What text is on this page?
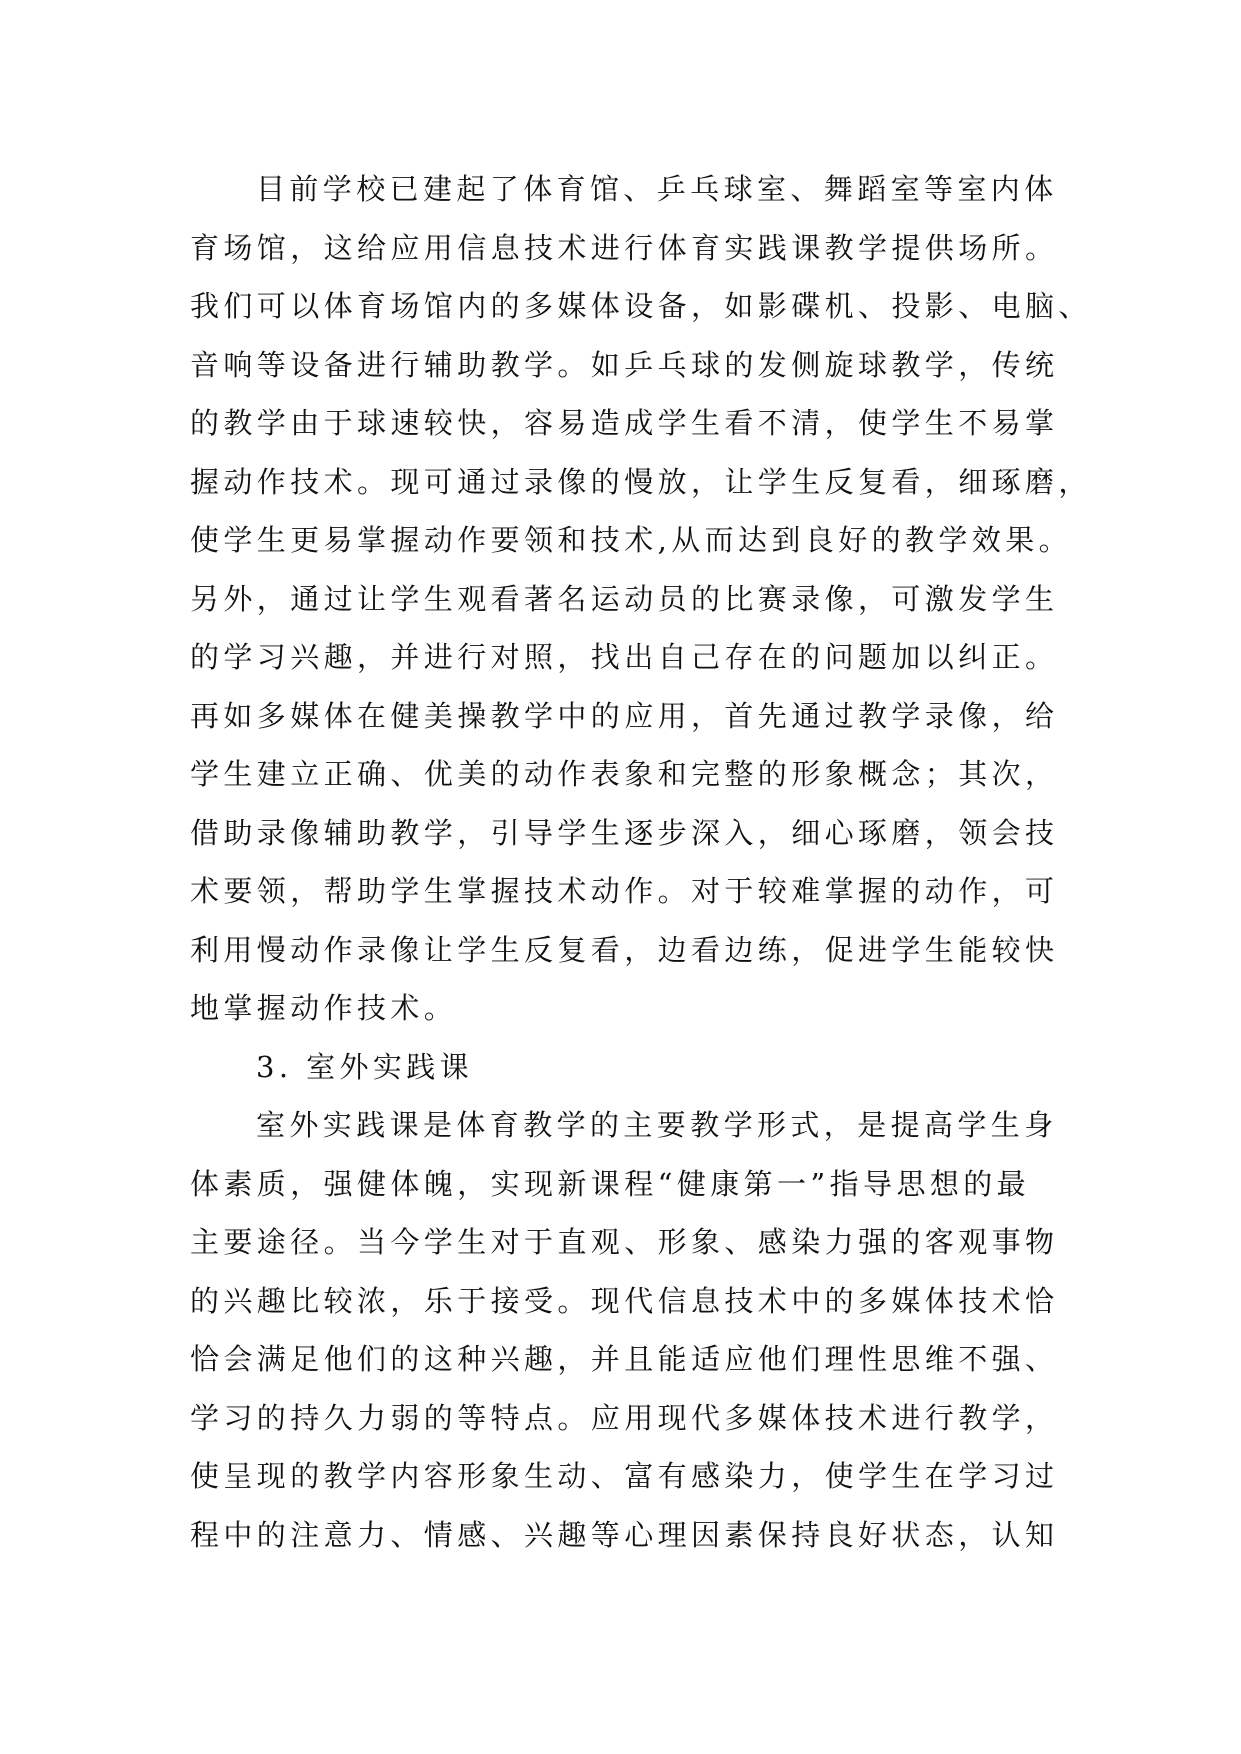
目前学校已建起了体育馆、乒乓球室、舞蹈室等室内体
育场馆，这给应用信息技术进行体育实践课教学提供场所。
我们可以体育场馆内的多媒体设备，如影碟机、投影、电脑、
音响等设备进行辅助教学。如乒乓球的发侧旋球教学，传统
的教学由于球速较快，容易造成学生看不清，使学生不易掌
握动作技术。现可通过录像的慢放，让学生反复看，细琢磨，
使学生更易掌握动作要领和技术,从而达到良好的教学效果。
另外，通过让学生观看著名运动员的比赛录像，可激发学生
的学习兴趣，并进行对照，找出自己存在的问题加以纠正。
再如多媒体在健美操教学中的应用，首先通过教学录像，给
学生建立正确、优美的动作表象和完整的形象概念；其次，
借助录像辅助教学，引导学生逐步深入，细心琢磨，领会技
术要领，帮助学生掌握技术动作。对于较难掌握的动作，可
利用慢动作录像让学生反复看，边看边练，促进学生能较快
地掌握动作技术。
3. 室外实践课
室外实践课是体育教学的主要教学形式，是提高学生身
体素质，强健体魄，实现新课程“健康第一”指导思想的最
主要途径。当今学生对于直观、形象、感染力强的客观事物
的兴趣比较浓，乐于接受。现代信息技术中的多媒体技术恰
恰会满足他们的这种兴趣，并且能适应他们理性思维不强、
学习的持久力弱的等特点。应用现代多媒体技术进行教学，
使呈现的教学内容形象生动、富有感染力，使学生在学习过
程中的注意力、情感、兴趣等心理因素保持良好状态，认知
